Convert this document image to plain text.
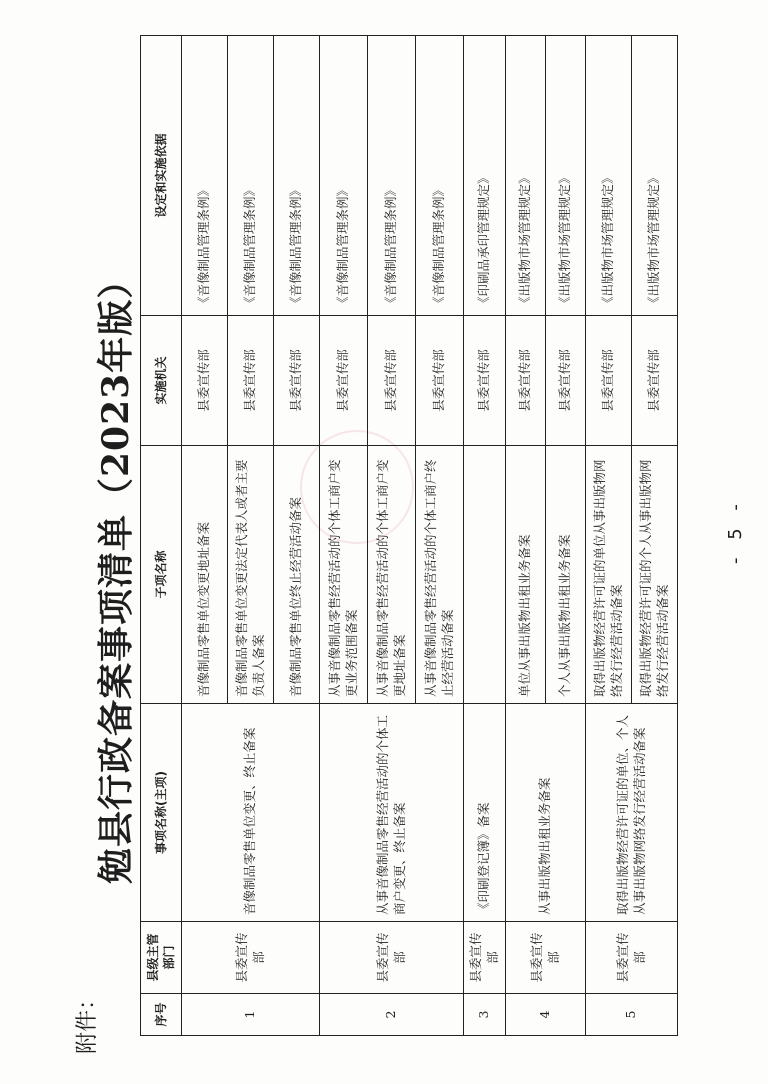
附件：
勉县行政备案事项清单（2023年版）
序号	县级主管部门	事项名称(主项)	子项名称	实施机关	设定和实施依据
1	县委宣传部	音像制品零售单位变更、终止备案	音像制品零售单位变更地址备案	县委宣传部	《音像制品管理条例》
			音像制品零售单位变更法定代表人或者主要负责人备案	县委宣传部	《音像制品管理条例》
			音像制品零售单位终止经营活动备案	县委宣传部	《音像制品管理条例》
2	县委宣传部	从事音像制品零售经营活动的个体工商户变更、终止备案	从事音像制品零售经营活动的个体工商户变更业务范围备案	县委宣传部	《音像制品管理条例》
			从事音像制品零售经营活动的个体工商户变更地址备案	县委宣传部	《音像制品管理条例》
			从事音像制品零售经营活动的个体工商户终止经营活动备案	县委宣传部	《音像制品管理条例》
3	县委宣传部	《印刷登记簿》备案		县委宣传部	《印刷品承印管理规定》
4	县委宣传部	从事出版物出租业务备案	单位从事出版物出租业务备案	县委宣传部	《出版物市场管理规定》
			个人从事出版物出租业务备案	县委宣传部	《出版物市场管理规定》
5	县委宣传部	取得出版物经营许可证的单位、个人从事出版物网络发行经营活动备案	取得出版物经营许可证的单位从事出版物网络发行经营活动备案	县委宣传部	《出版物市场管理规定》
			取得出版物经营许可证的个人从事出版物网络发行经营活动备案	县委宣传部	《出版物市场管理规定》
- 5 -
